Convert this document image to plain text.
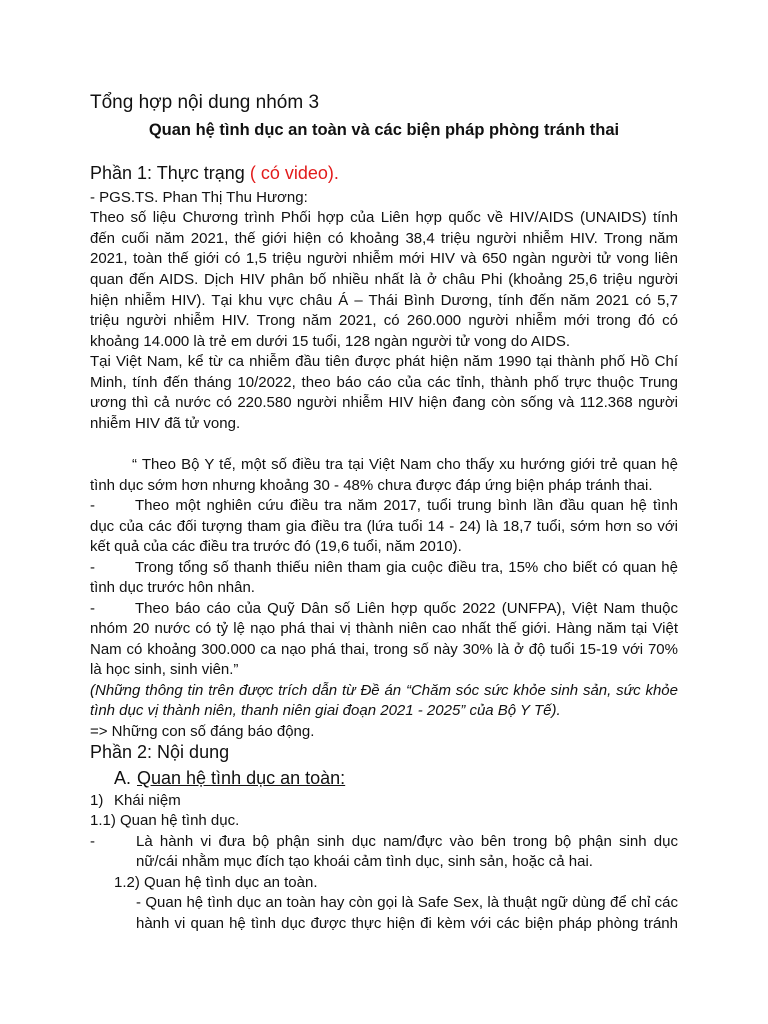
Tổng hợp nội dung nhóm 3
Quan hệ tình dục an toàn và các biện pháp phòng tránh thai
Phần 1: Thực trạng ( có video).
- PGS.TS. Phan Thị Thu Hương:
Theo số liệu Chương trình Phối hợp của Liên hợp quốc về HIV/AIDS (UNAIDS) tính
đến cuối năm 2021, thế giới hiện có khoảng 38,4 triệu người nhiễm HIV. Trong năm
2021, toàn thế giới có 1,5 triệu người nhiễm mới HIV và 650 ngàn người tử vong liên
quan đến AIDS. Dịch HIV phân bố nhiều nhất là ở châu Phi (khoảng 25,6 triệu người
hiện nhiễm HIV). Tại khu vực châu Á – Thái Bình Dương, tính đến năm 2021 có 5,7
triệu người nhiễm HIV. Trong năm 2021, có 260.000 người nhiễm mới trong đó có
khoảng 14.000 là trẻ em dưới 15 tuổi, 128 ngàn người tử vong do AIDS.
Tại Việt Nam, kể từ ca nhiễm đầu tiên được phát hiện năm 1990 tại thành phố Hồ Chí
Minh, tính đến tháng 10/2022, theo báo cáo của các tỉnh, thành phố trực thuộc Trung
ương thì cả nước có 220.580 người nhiễm HIV hiện đang còn sống và 112.368 người
nhiễm HIV đã tử vong.
“ Theo Bộ Y tế, một số điều tra tại Việt Nam cho thấy xu hướng giới trẻ quan hệ
tình dục sớm hơn nhưng khoảng 30 - 48% chưa được đáp ứng biện pháp tránh thai.
-	Theo một nghiên cứu điều tra năm 2017, tuổi trung bình lần đầu quan hệ tình
dục của các đối tượng tham gia điều tra (lứa tuổi 14 - 24) là 18,7 tuổi, sớm hơn so với
kết quả của các điều tra trước đó (19,6 tuổi, năm 2010).
-	Trong tổng số thanh thiếu niên tham gia cuộc điều tra, 15% cho biết có quan hệ
tình dục trước hôn nhân.
-	Theo báo cáo của Quỹ Dân số Liên hợp quốc 2022 (UNFPA), Việt Nam thuộc
nhóm 20 nước có tỷ lệ nạo phá thai vị thành niên cao nhất thế giới. Hàng năm tại Việt
Nam có khoảng 300.000 ca nạo phá thai, trong số này 30% là ở độ tuổi 15-19 với 70%
là học sinh, sinh viên.”
(Những thông tin trên được trích dẫn từ Đề án “Chăm sóc sức khỏe sinh sản, sức khỏe
tình dục vị thành niên, thanh niên giai đoạn 2021 - 2025” của Bộ Y Tế).
=> Những con số đáng báo động.
Phần 2: Nội dung
A. Quan hệ tình dục an toàn:
1) Khái niệm
1.1) Quan hệ tình dục.
-	Là hành vi đưa bộ phận sinh dục nam/đực vào bên trong bộ phận sinh dục
nữ/cái nhằm mục đích tạo khoái cảm tình dục, sinh sản, hoặc cả hai.
1.2) Quan hệ tình dục an toàn.
- Quan hệ tình dục an toàn hay còn gọi là Safe Sex, là thuật ngữ dùng để chỉ các
hành vi quan hệ tình dục được thực hiện đi kèm với các biện pháp phòng tránh
